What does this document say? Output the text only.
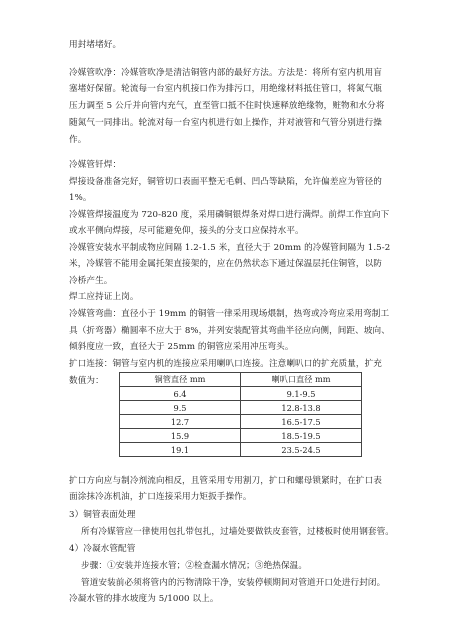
用封堵堵好。
冷媒管吹净：冷媒管吹净是清洁铜管内部的最好方法。方法是：将所有室内机用盲
塞堵好保留。轮流每一台室内机接口作为排污口，用绝缘材料抵住管口，将氮气瓶
压力调至 5 公斤并向管内充气，直至管口抵不住时快速释放绝缘物，赃物和水分将
随氮气一同排出。轮流对每一台室内机进行如上操作，并对液管和气管分别进行操
作。
冷媒管钎焊：
焊接设备准备完好，铜管切口表面平整无毛刺、凹凸等缺陷，允许偏差应为管径的
1%。
冷媒管焊接温度为 720-820 度，采用磷铜银焊条对焊口进行满焊。前焊工作宜向下
或水平侧向焊接，尽可能避免仰，接头的分支口应保持水平。
冷媒管安装水平制成物应间隔 1.2-1.5 米，直径大于 20mm 的冷媒管间隔为 1.5-2
米，冷媒管不能用金属托架直接架的，应在仍然状态下通过保温层托住铜管，以防
冷桥产生。
焊工应持证上岗。
冷媒管弯曲：直径小于 19mm 的铜管一律采用现场煨制，热弯或冷弯应采用弯制工
具（折弯器）椭圆率不应大于 8%，并列安装配管其弯曲半径应向侧，间距、坡向、
倾斜度应一致，直径大于 25mm 的铜管应采用冲压弯头。
扩口连接：铜管与室内机的连接应采用喇叭口连接。注意喇叭口的扩充质量，扩充
数值为：	铜管直径 mm	喇叭口直径 mm
6.4	9.1-9.5
9.5	12.8-13.8
12.7	16.5-17.5
15.9	18.5-19.5
19.1	23.5-24.5
扩口方向应与制冷剂流向相反，且管采用专用割刀，扩口和螺母锁紧时，在扩口表
面涂抹冷冻机油，扩口连接采用力矩扳手操作。
3）铜管表面处理
所有冷媒管应一律使用包扎带包扎，过墙处要做铁皮套管，过楼板时使用钢套管。
4）冷凝水管配管
步骤：①安装并连接水管；②检查漏水情况；③绝热保温。
管道安装前必须将管内的污物清除干净，安装停顿期间对管道开口处进行封闭。
冷凝水管的排水坡度为 5/1000 以上。
